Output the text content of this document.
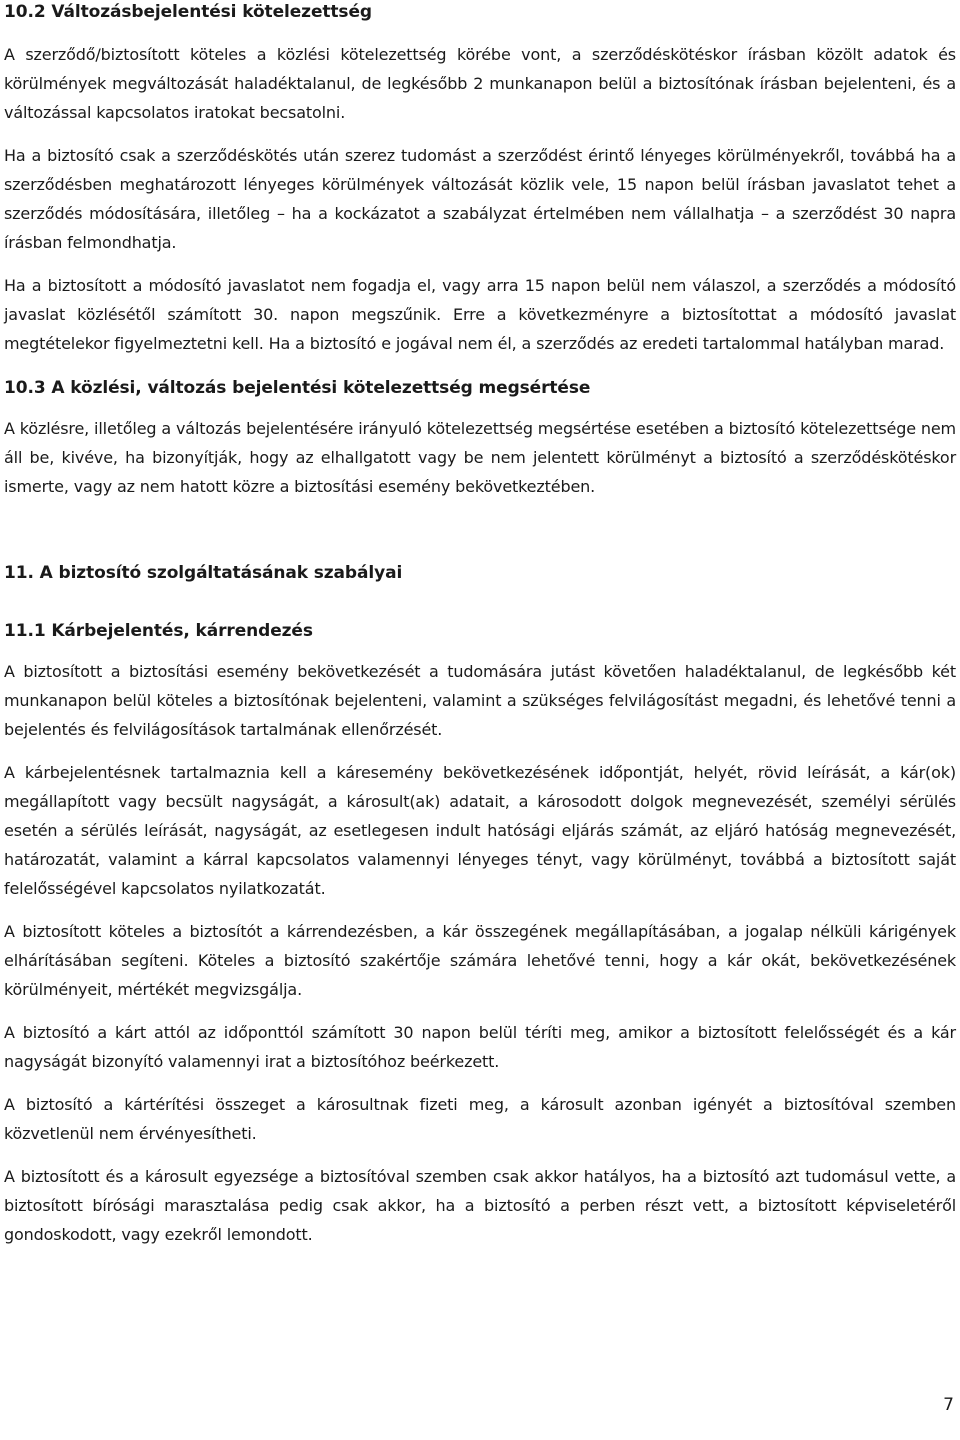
10.2 Változásbejelentési kötelezettség

A szerződő/biztosított köteles a közlési kötelezettség körébe vont, a szerződéskötéskor írásban közölt adatok és körülmények megváltozását haladéktalanul, de legkésőbb 2 munkanapon belül a biztosítónak írásban bejelenteni, és a változással kapcsolatos iratokat becsatolni.

Ha a biztosító csak a szerződéskötés után szerez tudomást a szerződést érintő lényeges körülményekről, továbbá ha a szerződésben meghatározott lényeges körülmények változását közlik vele, 15 napon belül írásban javaslatot tehet a szerződés módosítására, illetőleg – ha a kockázatot a szabályzat értelmében nem vállalhatja – a szerződést 30 napra írásban felmondhatja.

Ha a biztosított a módosító javaslatot nem fogadja el, vagy arra 15 napon belül nem válaszol, a szerződés a módosító javaslat közlésétől számított 30. napon megszűnik. Erre a következményre a biztosítottat a módosító javaslat megtételekor figyelmeztetni kell. Ha a biztosító e jogával nem él, a szerződés az eredeti tartalommal hatályban marad.

10.3 A közlési, változás bejelentési kötelezettség megsértése

A közlésre, illetőleg a változás bejelentésére irányuló kötelezettség megsértése esetében a biztosító kötelezettsége nem áll be, kivéve, ha bizonyítják, hogy az elhallgatott vagy be nem jelentett körülményt a biztosító a szerződéskötéskor ismerte, vagy az nem hatott közre a biztosítási esemény bekövetkeztében.

11. A biztosító szolgáltatásának szabályai
11.1 Kárbejelentés, kárrendezés

A biztosított a biztosítási esemény bekövetkezését a tudomására jutást követően haladéktalanul, de legkésőbb két munkanapon belül köteles a biztosítónak bejelenteni, valamint a szükséges felvilágosítást megadni, és lehetővé tenni a bejelentés és felvilágosítások tartalmának ellenőrzését.

A kárbejelentésnek tartalmaznia kell a káresemény bekövetkezésének időpontját, helyét, rövid leírását, a kár(ok) megállapított vagy becsült nagyságát, a károsult(ak) adatait, a károsodott dolgok megnevezését, személyi sérülés esetén a sérülés leírását, nagyságát, az esetlegesen indult hatósági eljárás számát, az eljáró hatóság megnevezését, határozatát, valamint a kárral kapcsolatos valamennyi lényeges tényt, vagy körülményt, továbbá a biztosított saját felelősségével kapcsolatos nyilatkozatát.

A biztosított köteles a biztosítót a kárrendezésben, a kár összegének megállapításában, a jogalap nélküli kárigények elhárításában segíteni. Köteles a biztosító szakértője számára lehetővé tenni, hogy a kár okát, bekövetkezésének körülményeit, mértékét megvizsgálja.

A biztosító a kárt attól az időponttól számított 30 napon belül téríti meg, amikor a biztosított felelősségét és a kár nagyságát bizonyító valamennyi irat a biztosítóhoz beérkezett.

A biztosító a kártérítési összeget a károsultnak fizeti meg, a károsult azonban igényét a biztosítóval szemben közvetlenül nem érvényesítheti.

A biztosított és a károsult egyezsége a biztosítóval szemben csak akkor hatályos, ha a biztosító azt tudomásul vette, a biztosított bírósági marasztalása pedig csak akkor, ha a biztosító a perben részt vett, a biztosított képviseletéről gondoskodott, vagy ezekről lemondott.

7
